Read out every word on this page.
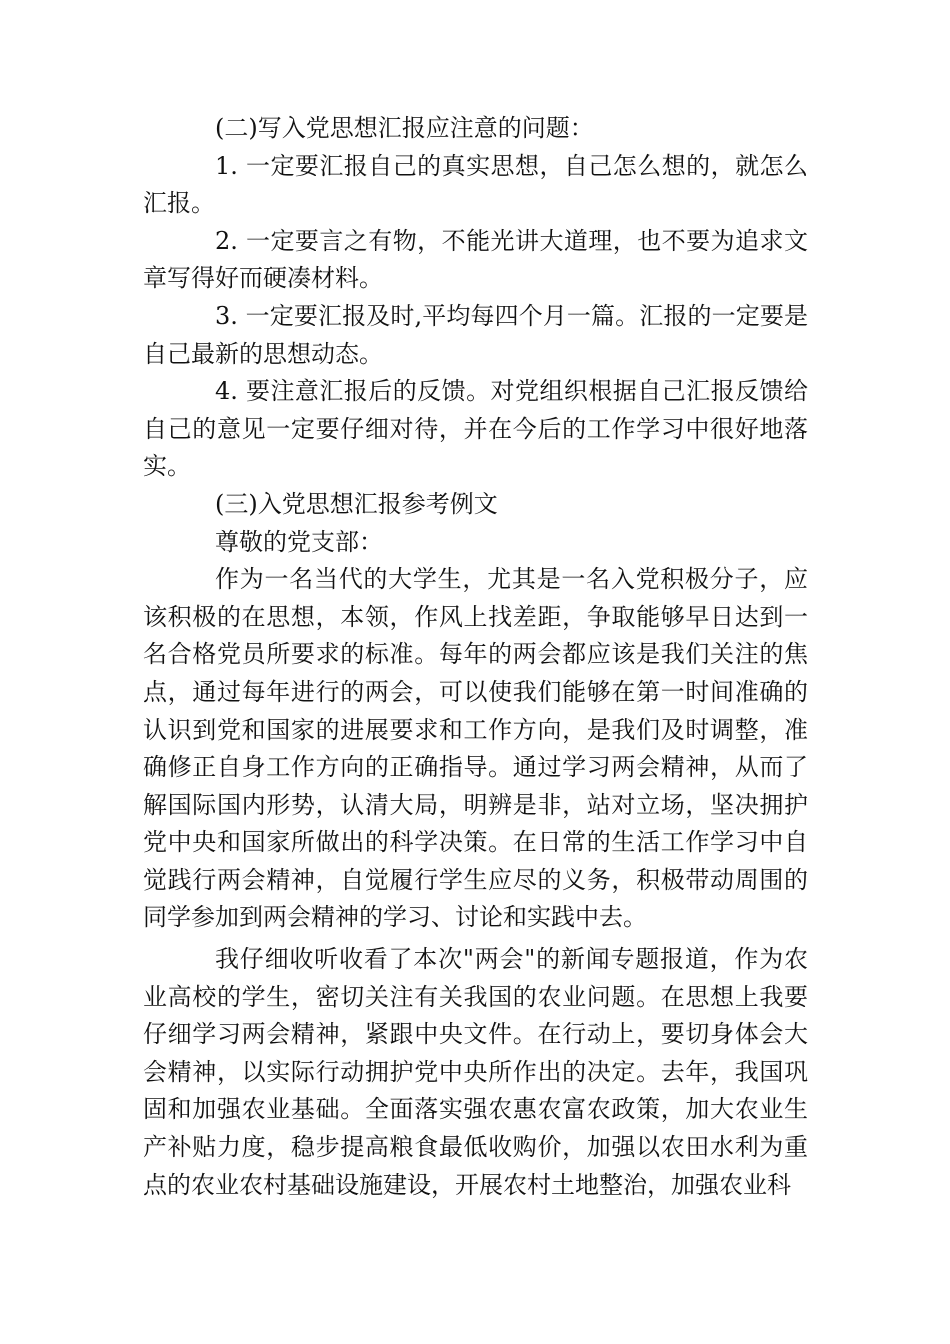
(二)写入党思想汇报应注意的问题：

1. 一定要汇报自己的真实思想，自己怎么想的，就怎么汇报。

2. 一定要言之有物，不能光讲大道理，也不要为追求文章写得好而硬凑材料。

3. 一定要汇报及时,平均每四个月一篇。汇报的一定要是自己最新的思想动态。

4. 要注意汇报后的反馈。对党组织根据自己汇报反馈给自己的意见一定要仔细对待，并在今后的工作学习中很好地落实。

(三)入党思想汇报参考例文

尊敬的党支部：

作为一名当代的大学生，尤其是一名入党积极分子，应该积极的在思想，本领，作风上找差距，争取能够早日达到一名合格党员所要求的标准。每年的两会都应该是我们关注的焦点，通过每年进行的两会，可以使我们能够在第一时间准确的认识到党和国家的进展要求和工作方向，是我们及时调整，准确修正自身工作方向的正确指导。通过学习两会精神，从而了解国际国内形势，认清大局，明辨是非，站对立场，坚决拥护党中央和国家所做出的科学决策。在日常的生活工作学习中自觉践行两会精神，自觉履行学生应尽的义务，积极带动周围的同学参加到两会精神的学习、讨论和实践中去。

我仔细收听收看了本次"两会"的新闻专题报道，作为农业高校的学生，密切关注有关我国的农业问题。在思想上我要仔细学习两会精神，紧跟中央文件。在行动上，要切身体会大会精神，以实际行动拥护党中央所作出的决定。去年，我国巩固和加强农业基础。全面落实强农惠农富农政策，加大农业生产补贴力度，稳步提高粮食最低收购价，加强以农田水利为重点的农业农村基础设施建设，开展农村土地整治，加强农业科
